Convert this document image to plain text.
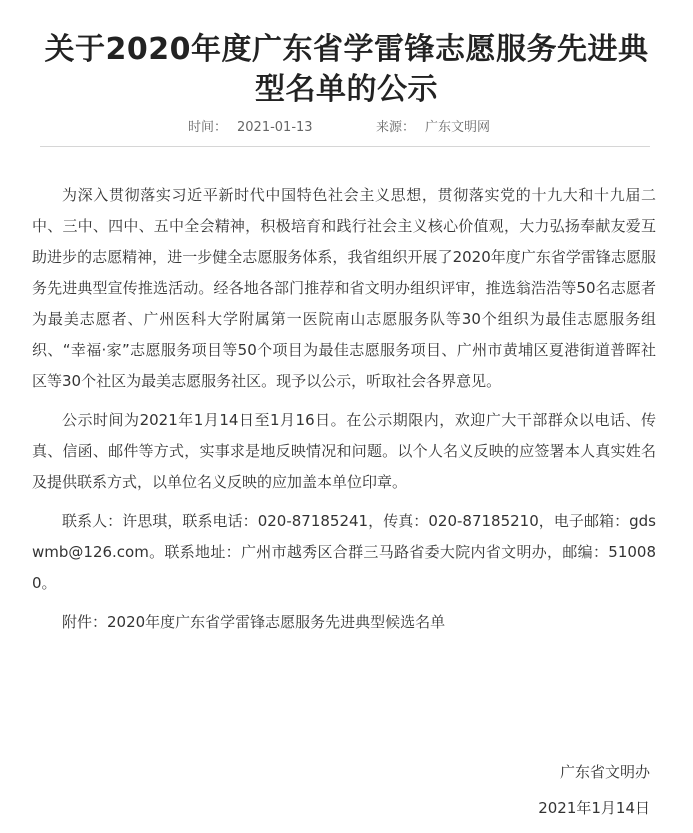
关于2020年度广东省学雷锋志愿服务先进典型名单的公示
时间： 2021-01-13	来源： 广东文明网

为深入贯彻落实习近平新时代中国特色社会主义思想，贯彻落实党的十九大和十九届二中、三中、四中、五中全会精神，积极培育和践行社会主义核心价值观，大力弘扬奉献友爱互助进步的志愿精神，进一步健全志愿服务体系，我省组织开展了2020年度广东省学雷锋志愿服务先进典型宣传推选活动。经各地各部门推荐和省文明办组织评审，推选翁浩浩等50名志愿者为最美志愿者、广州医科大学附属第一医院南山志愿服务队等30个组织为最佳志愿服务组织、“幸福·家”志愿服务项目等50个项目为最佳志愿服务项目、广州市黄埔区夏港街道普晖社区等30个社区为最美志愿服务社区。现予以公示，听取社会各界意见。

公示时间为2021年1月14日至1月16日。在公示期限内，欢迎广大干部群众以电话、传真、信函、邮件等方式，实事求是地反映情况和问题。以个人名义反映的应签署本人真实姓名及提供联系方式，以单位名义反映的应加盖本单位印章。

联系人：许思琪，联系电话：020-87185241，传真：020-87185210，电子邮箱：gdswmb@126.com。联系地址：广州市越秀区合群三马路省委大院内省文明办，邮编：510080。

附件：2020年度广东省学雷锋志愿服务先进典型候选名单

广东省文明办
2021年1月14日
